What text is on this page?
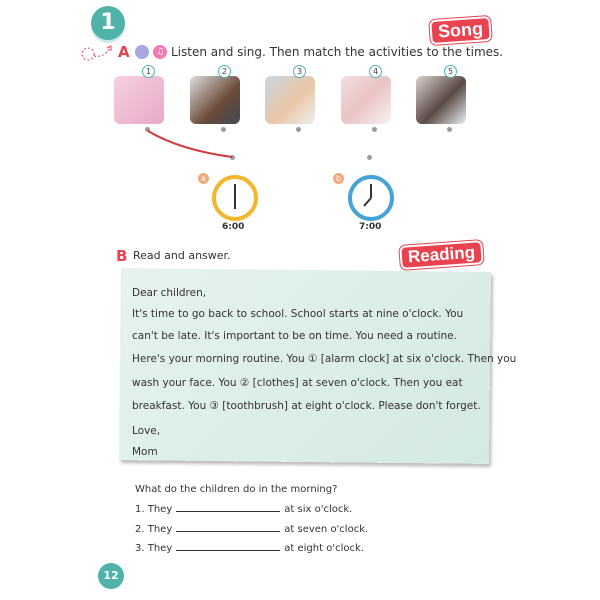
1
A	♫ Listen and sing. Then match the activities to the times.
Song
1	2	3	4	5
a
6:00
b
7:00
B Read and answer.	Reading
Dear children,
It's time to go back to school. School starts at nine o'clock. You
can't be late. It's important to be on time. You need a routine.
Here's your morning routine. You ① [alarm clock] at six o'clock. Then you
wash your face. You ② [clothes] at seven o'clock. Then you eat
breakfast. You ③ [toothbrush] at eight o'clock. Please don't forget.
Love,
Mom
What do the children do in the morning?
1. They	at six o'clock.
2. They	at seven o'clock.
3. They	at eight o'clock.
12
